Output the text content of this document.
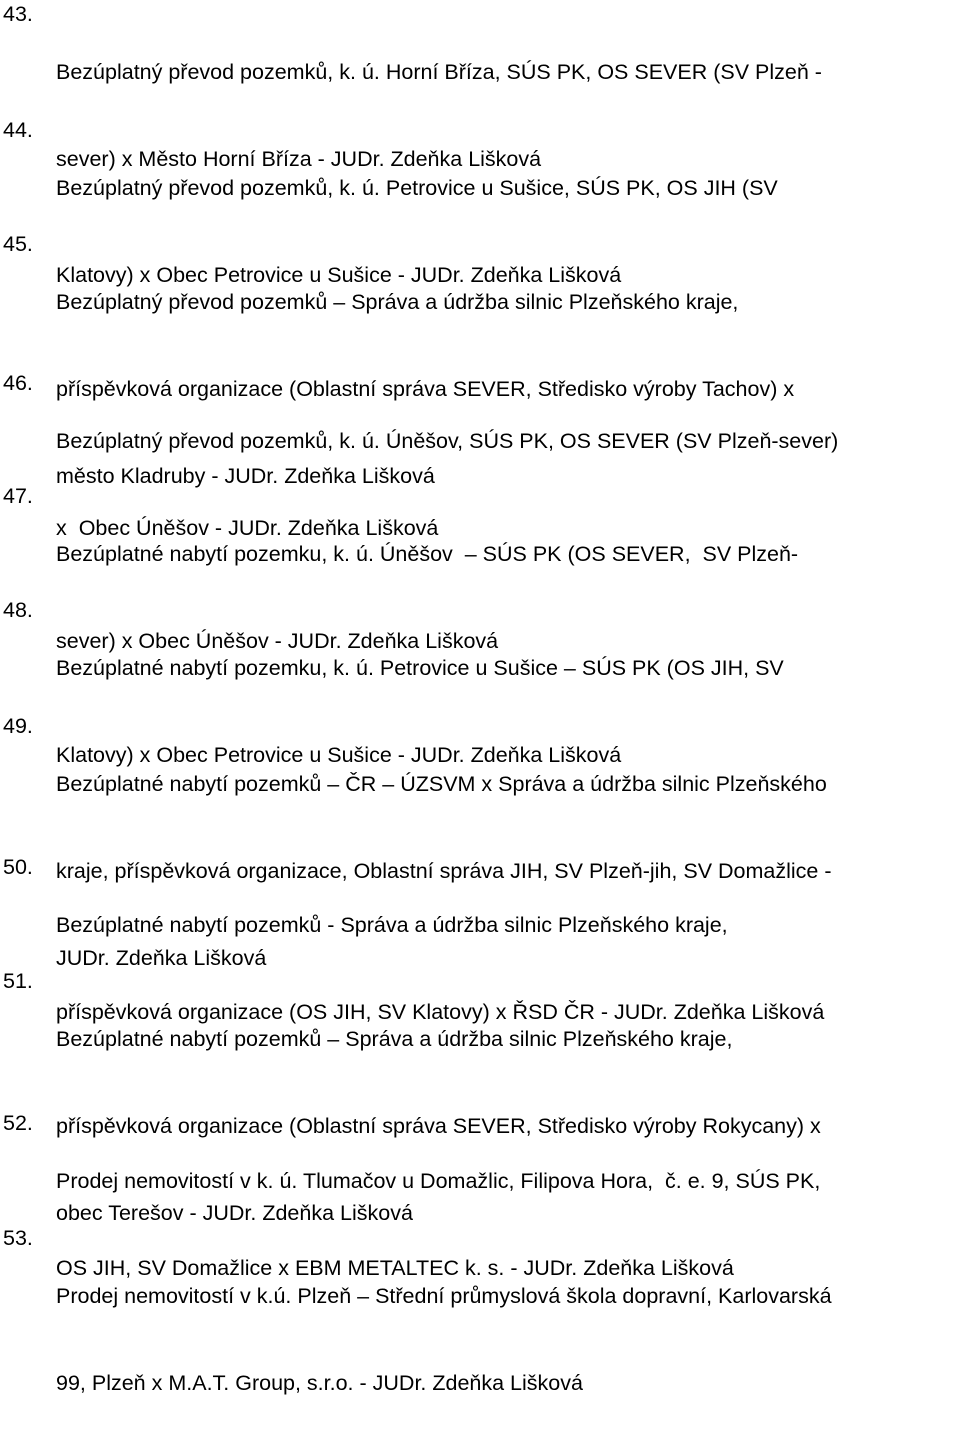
43.

Bezúplatný převod pozemků, k. ú. Horní Bříza, SÚS PK, OS SEVER (SV Plzeň -

sever) x Město Horní Bříza - JUDr. Zdeňka Lišková

44.

Bezúplatný převod pozemků, k. ú. Petrovice u Sušice, SÚS PK, OS JIH (SV

Klatovy) x Obec Petrovice u Sušice - JUDr. Zdeňka Lišková

45.

Bezúplatný převod pozemků – Správa a údržba silnic Plzeňského kraje,

příspěvková organizace (Oblastní správa SEVER, Středisko výroby Tachov) x

město Kladruby - JUDr. Zdeňka Lišková

46.

Bezúplatný převod pozemků, k. ú. Úněšov, SÚS PK, OS SEVER (SV Plzeň-sever)

x  Obec Úněšov - JUDr. Zdeňka Lišková

47.

Bezúplatné nabytí pozemku, k. ú. Úněšov  – SÚS PK (OS SEVER,  SV Plzeň-

sever) x Obec Úněšov - JUDr. Zdeňka Lišková

48.

Bezúplatné nabytí pozemku, k. ú. Petrovice u Sušice – SÚS PK (OS JIH, SV

Klatovy) x Obec Petrovice u Sušice - JUDr. Zdeňka Lišková

49.

Bezúplatné nabytí pozemků – ČR – ÚZSVM x Správa a údržba silnic Plzeňského

kraje, příspěvková organizace, Oblastní správa JIH, SV Plzeň-jih, SV Domažlice -

JUDr. Zdeňka Lišková

50.

Bezúplatné nabytí pozemků - Správa a údržba silnic Plzeňského kraje,

příspěvková organizace (OS JIH, SV Klatovy) x ŘSD ČR - JUDr. Zdeňka Lišková

51.

Bezúplatné nabytí pozemků – Správa a údržba silnic Plzeňského kraje,

příspěvková organizace (Oblastní správa SEVER, Středisko výroby Rokycany) x

obec Terešov - JUDr. Zdeňka Lišková

52.

Prodej nemovitostí v k. ú. Tlumačov u Domažlic, Filipova Hora,  č. e. 9, SÚS PK,

OS JIH, SV Domažlice x EBM METALTEC k. s. - JUDr. Zdeňka Lišková

53.

Prodej nemovitostí v k.ú. Plzeň – Střední průmyslová škola dopravní, Karlovarská

99, Plzeň x M.A.T. Group, s.r.o. - JUDr. Zdeňka Lišková
